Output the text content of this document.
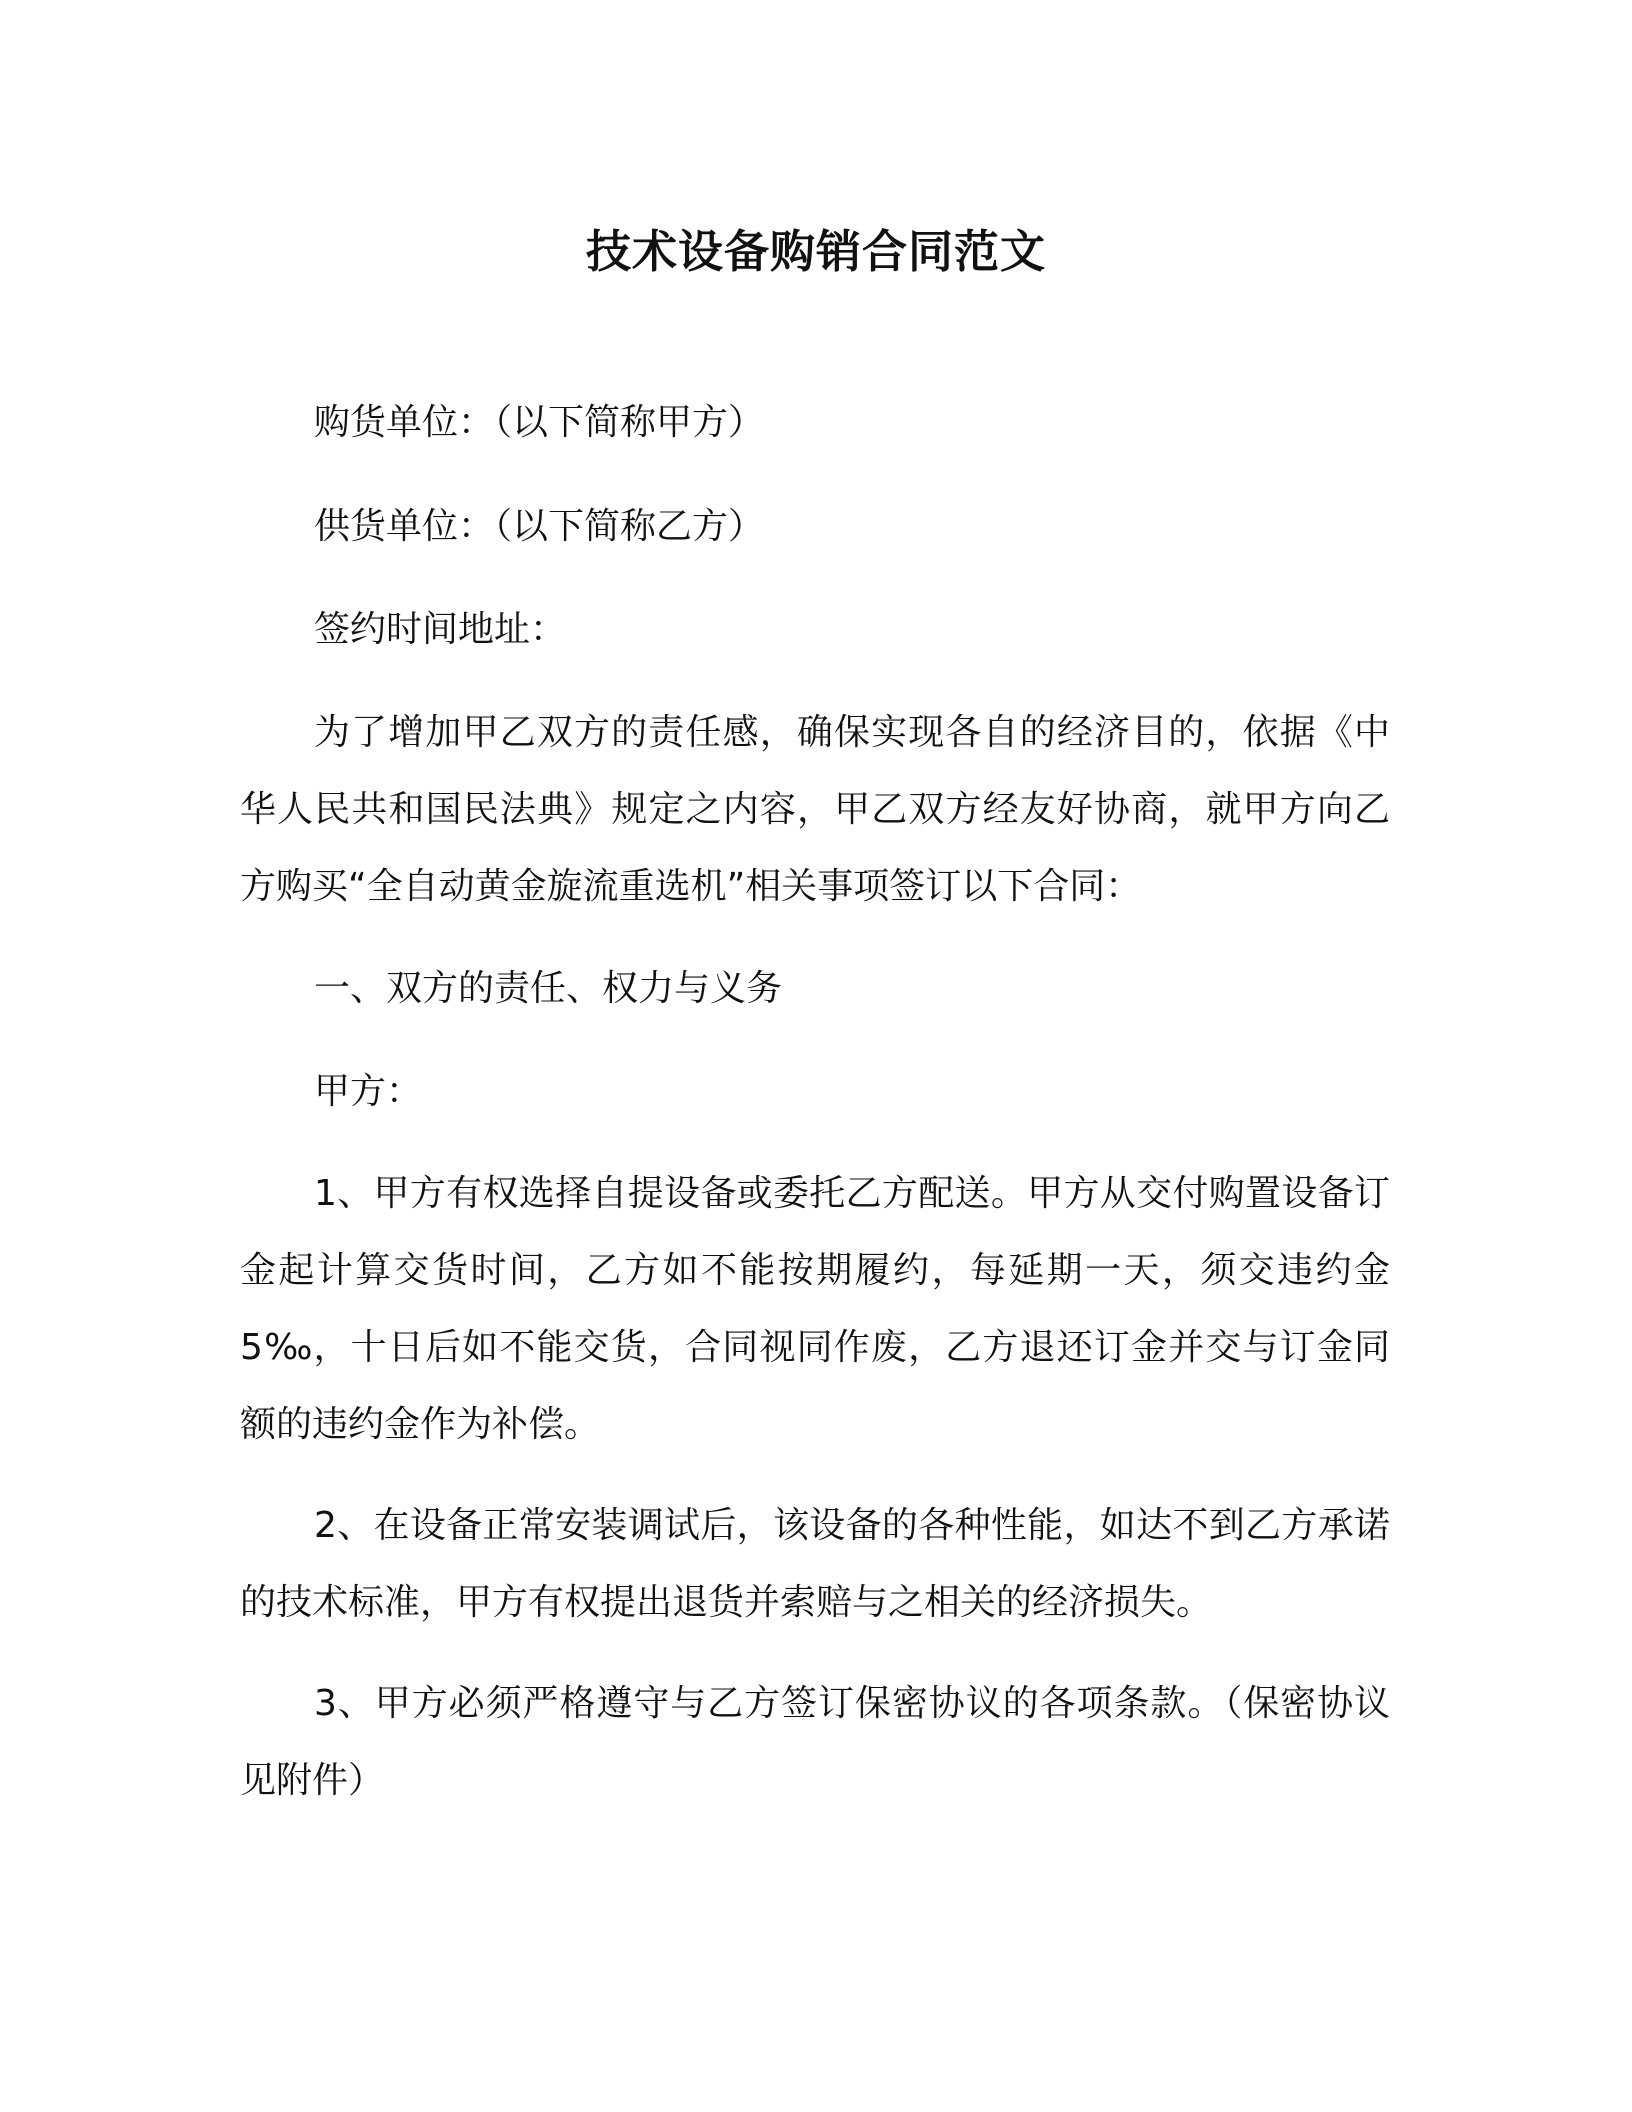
技术设备购销合同范文

购货单位：（以下简称甲方）

供货单位：（以下简称乙方）

签约时间地址：

为了增加甲乙双方的责任感，确保实现各自的经济目的，依据《中华人民共和国民法典》规定之内容，甲乙双方经友好协商，就甲方向乙方购买“全自动黄金旋流重选机”相关事项签订以下合同：

一、双方的责任、权力与义务

甲方：

1、甲方有权选择自提设备或委托乙方配送。甲方从交付购置设备订金起计算交货时间，乙方如不能按期履约，每延期一天，须交违约金 5‰，十日后如不能交货，合同视同作废，乙方退还订金并交与订金同额的违约金作为补偿。

2、在设备正常安装调试后，该设备的各种性能，如达不到乙方承诺的技术标准，甲方有权提出退货并索赔与之相关的经济损失。

3、甲方必须严格遵守与乙方签订保密协议的各项条款。（保密协议见附件）
